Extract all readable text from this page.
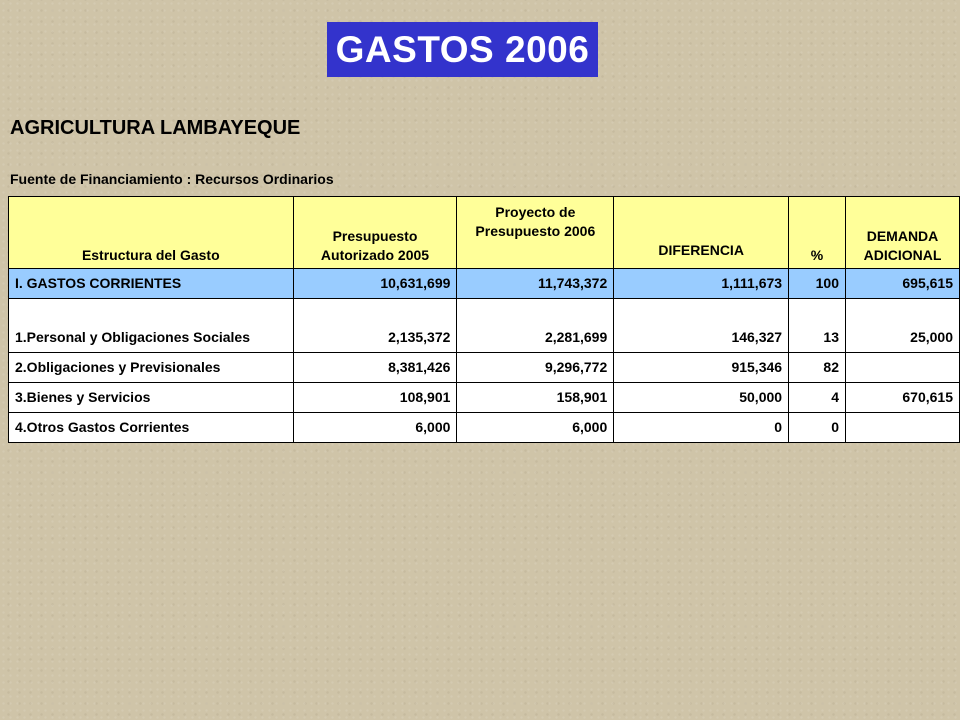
GASTOS 2006
AGRICULTURA LAMBAYEQUE
Fuente de Financiamiento : Recursos Ordinarios
Estructura del Gasto	Presupuesto Autorizado 2005	Proyecto de Presupuesto 2006	DIFERENCIA	%	DEMANDA ADICIONAL
I. GASTOS CORRIENTES	10,631,699	11,743,372	1,111,673	100	695,615
1.Personal y Obligaciones Sociales	2,135,372	2,281,699	146,327	13	25,000
2.Obligaciones y Previsionales	8,381,426	9,296,772	915,346	82	
3.Bienes y Servicios	108,901	158,901	50,000	4	670,615
4.Otros Gastos Corrientes	6,000	6,000	0	0	
